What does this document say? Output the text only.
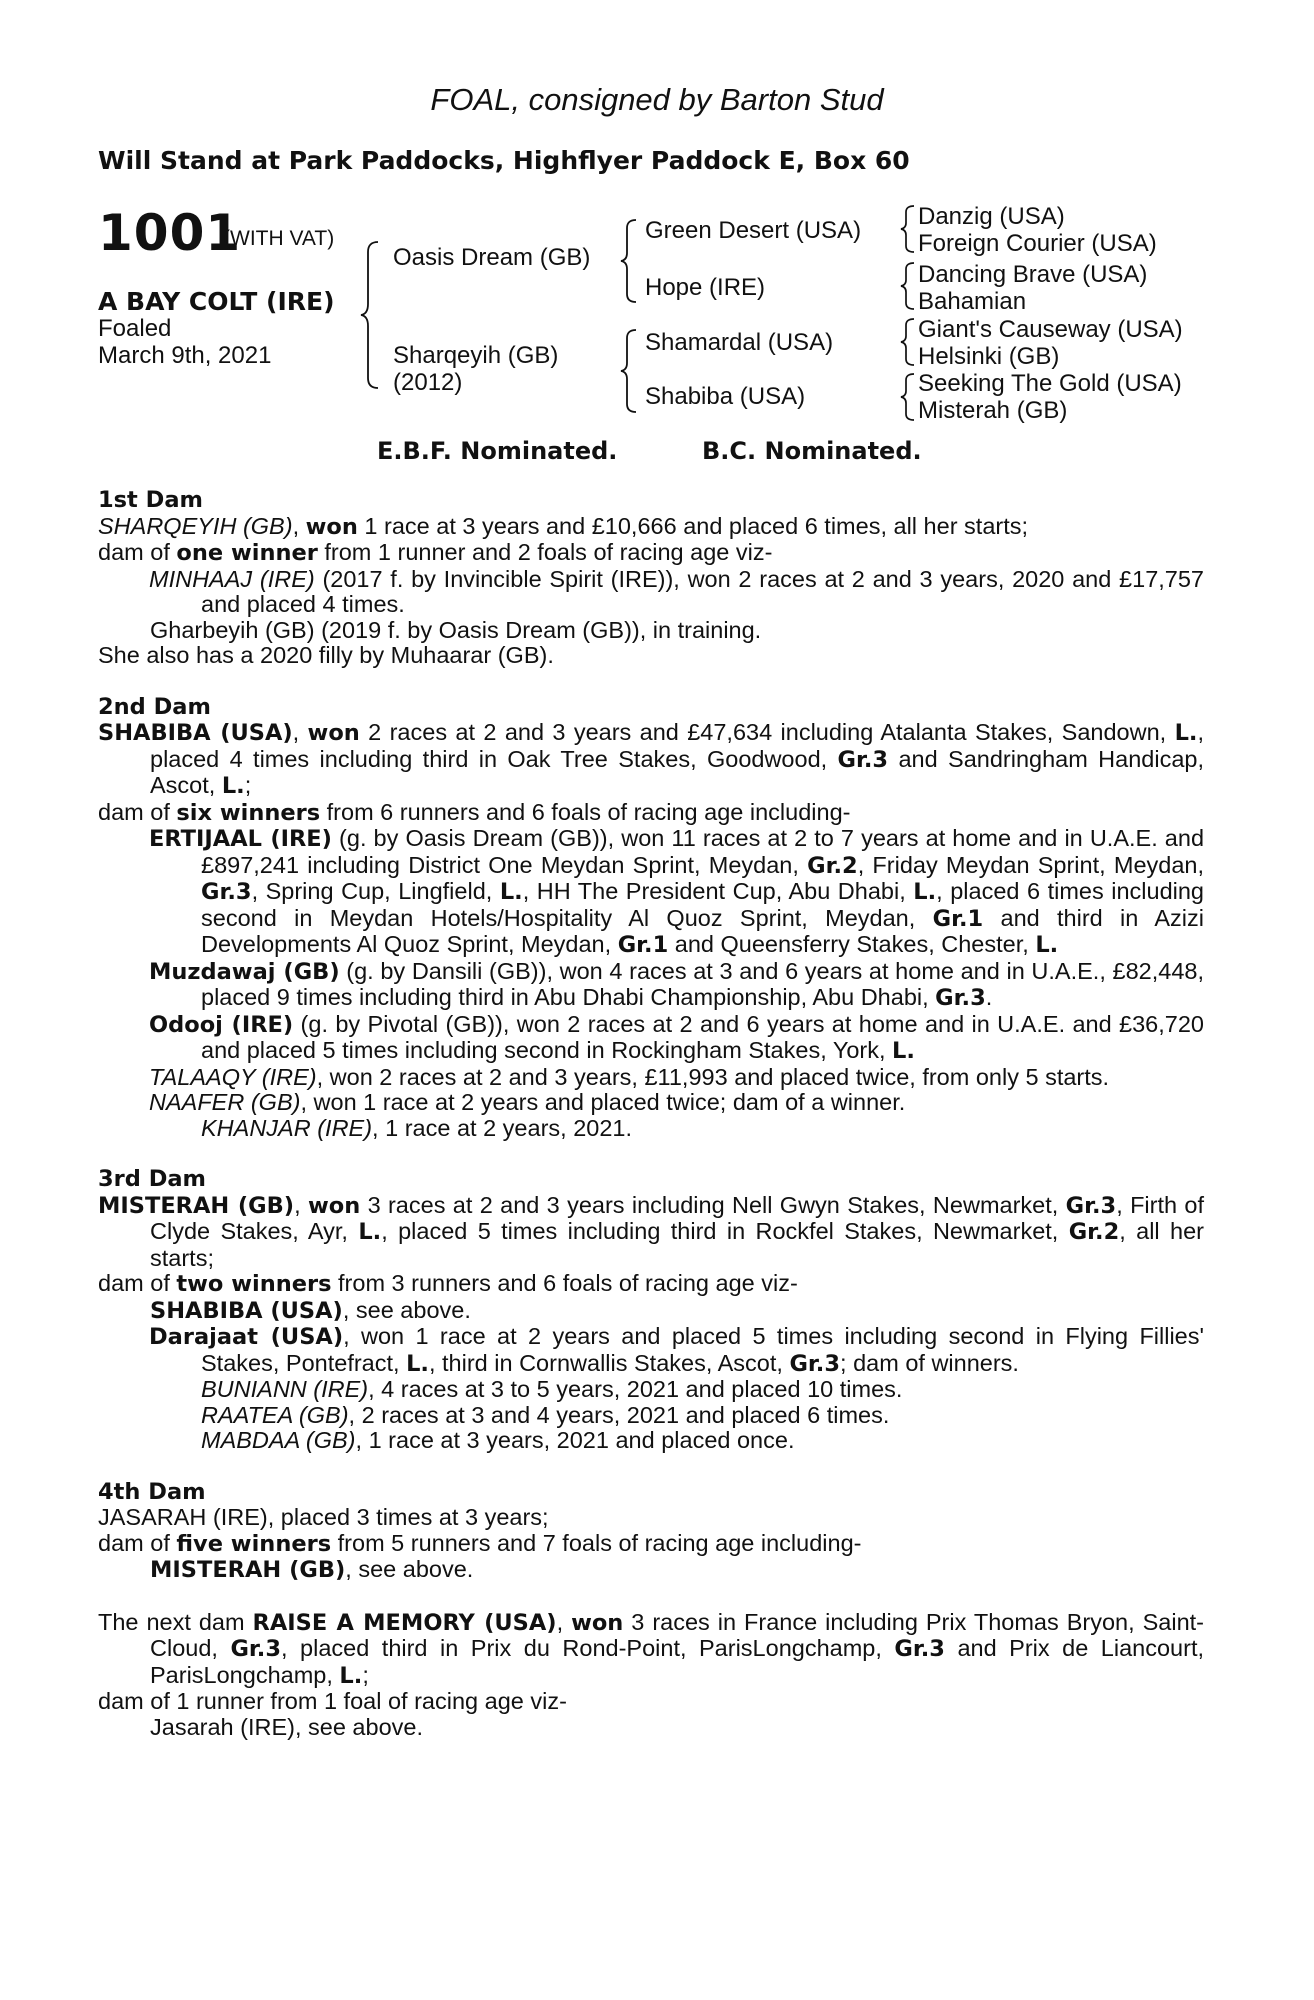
FOAL, consigned by Barton Stud
Will Stand at Park Paddocks, Highflyer Paddock E, Box 60
1001
(WITH VAT)
A BAY COLT (IRE)
Foaled
March 9th, 2021
Oasis Dream (GB)
Sharqeyih (GB)
(2012)
Green Desert (USA)
Hope (IRE)
Shamardal (USA)
Shabiba (USA)
Danzig (USA)
Foreign Courier (USA)
Dancing Brave (USA)
Bahamian
Giant's Causeway (USA)
Helsinki (GB)
Seeking The Gold (USA)
Misterah (GB)
E.B.F. Nominated.	B.C. Nominated.
1st Dam

SHARQEYIH (GB), won 1 race at 3 years and £10,666 and placed 6 times, all her starts;

dam of one winner from 1 runner and 2 foals of racing age viz-

MINHAAJ (IRE) (2017 f. by Invincible Spirit (IRE)), won 2 races at 2 and 3 years, 2020 and £17,757 and placed 4 times.

Gharbeyih (GB) (2019 f. by Oasis Dream (GB)), in training.

She also has a 2020 filly by Muhaarar (GB).

2nd Dam

SHABIBA (USA), won 2 races at 2 and 3 years and £47,634 including Atalanta Stakes, Sandown, L., placed 4 times including third in Oak Tree Stakes, Goodwood, Gr.3 and Sandringham Handicap, Ascot, L.;

dam of six winners from 6 runners and 6 foals of racing age including-

ERTIJAAL (IRE) (g. by Oasis Dream (GB)), won 11 races at 2 to 7 years at home and in U.A.E. and £897,241 including District One Meydan Sprint, Meydan, Gr.2, Friday Meydan Sprint, Meydan, Gr.3, Spring Cup, Lingfield, L., HH The President Cup, Abu Dhabi, L., placed 6 times including second in Meydan Hotels/Hospitality Al Quoz Sprint, Meydan, Gr.1 and third in Azizi Developments Al Quoz Sprint, Meydan, Gr.1 and Queensferry Stakes, Chester, L.

Muzdawaj (GB) (g. by Dansili (GB)), won 4 races at 3 and 6 years at home and in U.A.E., £82,448, placed 9 times including third in Abu Dhabi Championship, Abu Dhabi, Gr.3.

Odooj (IRE) (g. by Pivotal (GB)), won 2 races at 2 and 6 years at home and in U.A.E. and £36,720 and placed 5 times including second in Rockingham Stakes, York, L.

TALAAQY (IRE), won 2 races at 2 and 3 years, £11,993 and placed twice, from only 5 starts.

NAAFER (GB), won 1 race at 2 years and placed twice; dam of a winner.

KHANJAR (IRE), 1 race at 2 years, 2021.

3rd Dam

MISTERAH (GB), won 3 races at 2 and 3 years including Nell Gwyn Stakes, Newmarket, Gr.3, Firth of Clyde Stakes, Ayr, L., placed 5 times including third in Rockfel Stakes, Newmarket, Gr.2, all her starts;

dam of two winners from 3 runners and 6 foals of racing age viz-

SHABIBA (USA), see above.

Darajaat (USA), won 1 race at 2 years and placed 5 times including second in Flying Fillies' Stakes, Pontefract, L., third in Cornwallis Stakes, Ascot, Gr.3; dam of winners.

BUNIANN (IRE), 4 races at 3 to 5 years, 2021 and placed 10 times.

RAATEA (GB), 2 races at 3 and 4 years, 2021 and placed 6 times.

MABDAA (GB), 1 race at 3 years, 2021 and placed once.

4th Dam

JASARAH (IRE), placed 3 times at 3 years;

dam of five winners from 5 runners and 7 foals of racing age including-

MISTERAH (GB), see above.

The next dam RAISE A MEMORY (USA), won 3 races in France including Prix Thomas Bryon, Saint-Cloud, Gr.3, placed third in Prix du Rond-Point, ParisLongchamp, Gr.3 and Prix de Liancourt, ParisLongchamp, L.;

dam of 1 runner from 1 foal of racing age viz-

Jasarah (IRE), see above.
